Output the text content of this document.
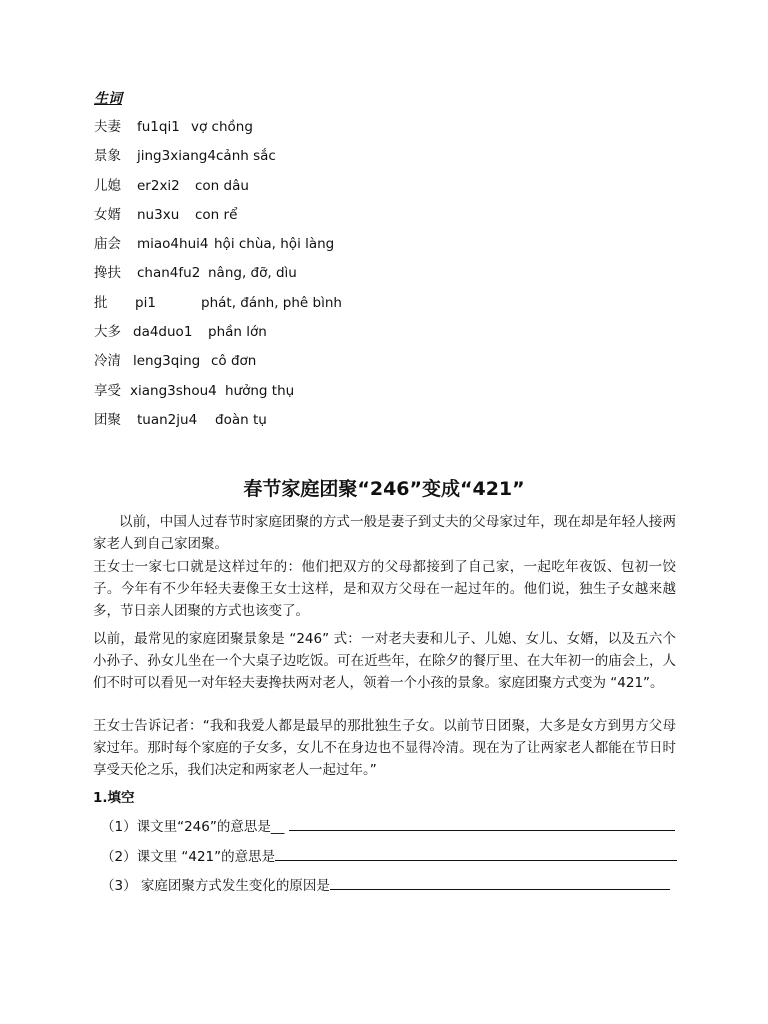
生词
夫妻 fu1qi1 vợ chồng
景象 jing3xiang4 cảnh sắc
儿媳 er2xi2 con dâu
女婿 nu3xu con rể
庙会 miao4hui4 hội chùa, hội làng
搀扶 chan4fu2 nâng, đỡ, dìu
批 pi1	phát, đánh, phê bình
大多 da4duo1 phần lớn
冷清 leng3qing cô đơn
享受 xiang3shou4 hưởng thụ
团聚 tuan2ju4 đoàn tụ
春节家庭团聚“246”变成“421”

以前，中国人过春节时家庭团聚的方式一般是妻子到丈夫的父母家过年，现在却是年轻人接两家老人到自己家团聚。

王女士一家七口就是这样过年的：他们把双方的父母都接到了自己家，一起吃年夜饭、包初一饺子。今年有不少年轻夫妻像王女士这样，是和双方父母在一起过年的。他们说，独生子女越来越多，节日亲人团聚的方式也该变了。

以前，最常见的家庭团聚景象是 “246” 式：一对老夫妻和儿子、儿媳、女儿、女婿，以及五六个小孙子、孙女儿坐在一个大桌子边吃饭。可在近些年，在除夕的餐厅里、在大年初一的庙会上，人们不时可以看见一对年轻夫妻搀扶两对老人，领着一个小孩的景象。家庭团聚方式变为 “421”。

王女士告诉记者：“我和我爱人都是最早的那批独生子女。以前节日团聚，大多是女方到男方父母家过年。那时每个家庭的子女多，女儿不在身边也不显得冷清。现在为了让两家老人都能在节日时享受天伦之乐，我们决定和两家老人一起过年。”

1.填空
（1）课文里“246”的意思是__
（2）课文里 “421”的意思是
（3） 家庭团聚方式发生变化的原因是
